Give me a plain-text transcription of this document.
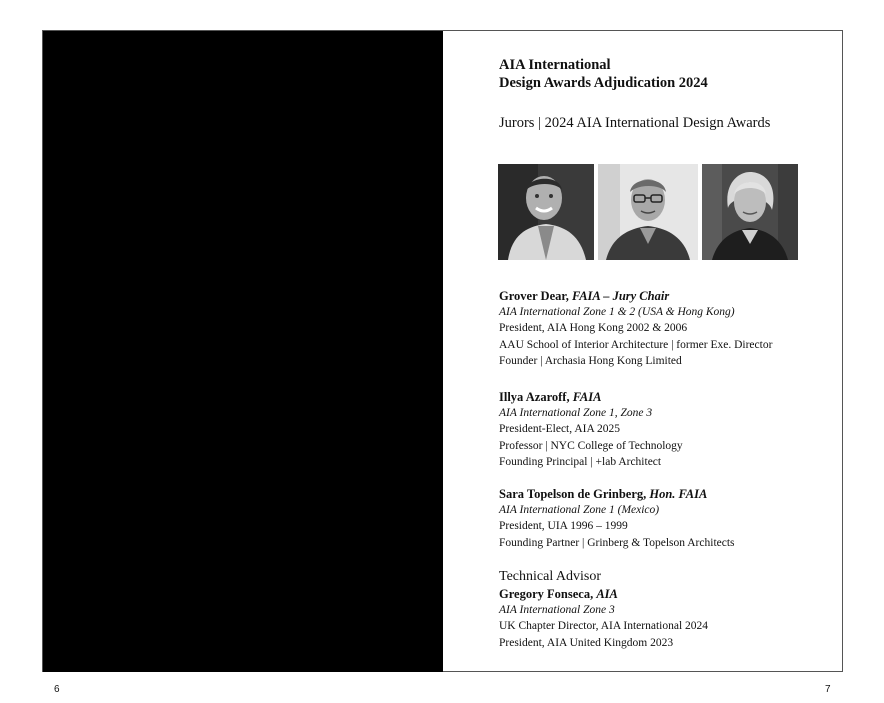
AIA International

Design Awards Adjudication 2024

Jurors | 2024 AIA International Design Awards

Grover Dear, FAIA – Jury Chair
AIA International Zone 1 & 2 (USA & Hong Kong)
President, AIA Hong Kong 2002 & 2006
AAU School of Interior Architecture | former Exe. Director
Founder | Archasia Hong Kong Limited
Illya Azaroff, FAIA
AIA International Zone 1, Zone 3
President-Elect, AIA 2025
Professor | NYC College of Technology
Founding Principal | +lab Architect
Sara Topelson de Grinberg, Hon. FAIA
AIA International Zone 1 (Mexico)
President, UIA 1996 – 1999
Founding Partner | Grinberg & Topelson Architects
Technical Advisor
Gregory Fonseca, AIA
AIA International Zone 3
UK Chapter Director, AIA International 2024
President, AIA United Kingdom 2023
6	7
